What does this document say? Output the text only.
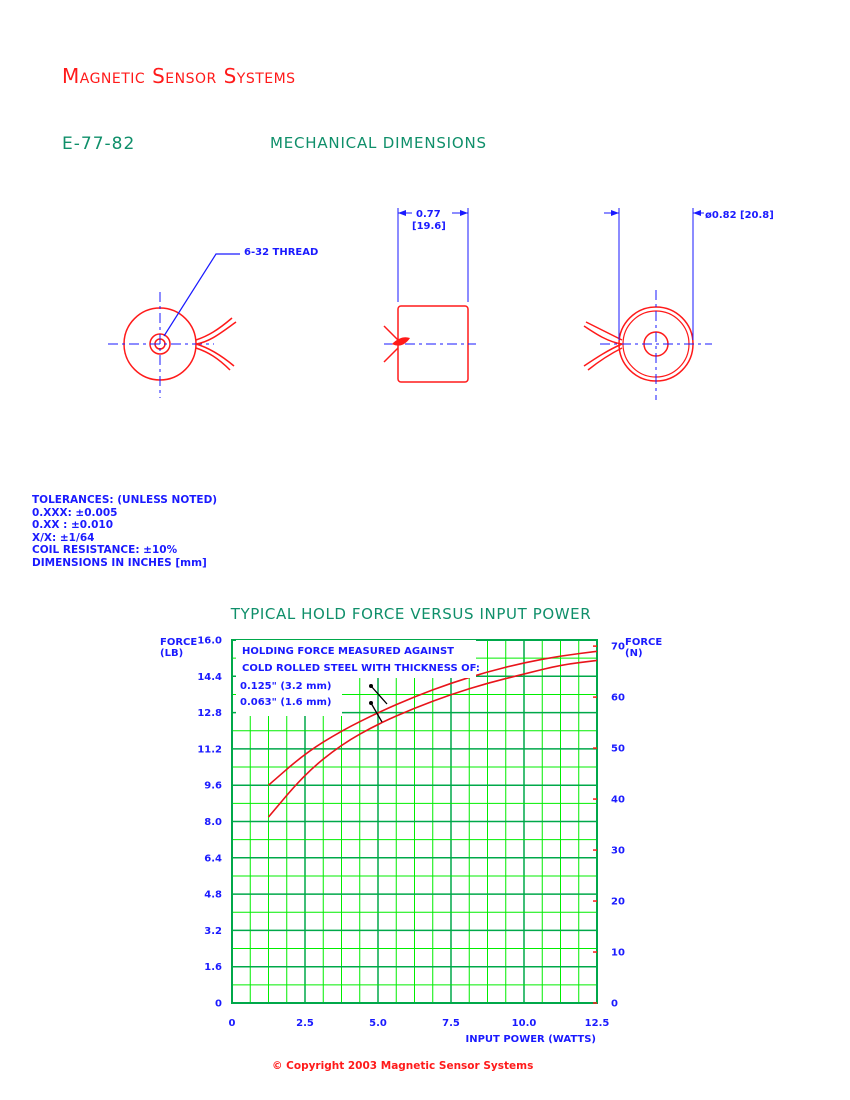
Magnetic Sensor Systems
E-77-82	MECHANICAL DIMENSIONS
6-32 THREAD
0.77
[19.6]
ø0.82 [20.8]
TOLERANCES: (UNLESS NOTED)
0.XXX: ±0.005
0.XX : ±0.010
X/X: ±1/64
COIL RESISTANCE: ±10%
DIMENSIONS IN INCHES [mm]
TYPICAL HOLD FORCE VERSUS INPUT POWER
0
1.6
3.2
4.8
6.4
8.0
9.6
11.2
12.8
14.4
16.0
0	2.5	5.0	7.5	10.0	12.5
0
10
20
30
40
50
60
70
FORCE
(LB)
FORCE
(N)
INPUT POWER (WATTS)
HOLDING FORCE MEASURED AGAINST
COLD ROLLED STEEL WITH THICKNESS OF:
0.125" (3.2 mm)
0.063" (1.6 mm)
© Copyright 2003 Magnetic Sensor Systems
